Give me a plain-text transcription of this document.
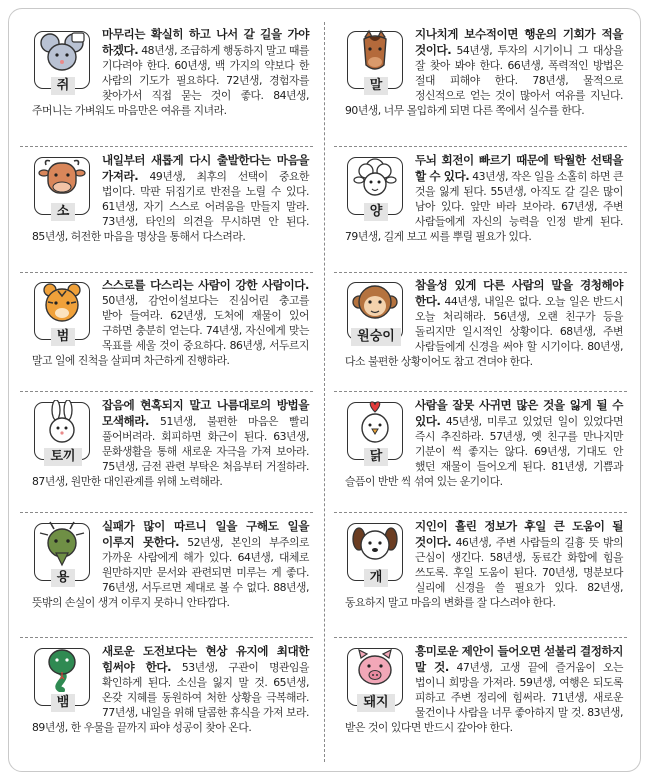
쥐
마무리는 확실히 하고 나서 갈 길을 가야 하겠다. 48년생, 조급하게 행동하지 말고 때를 기다려야 한다. 60년생, 백 가지의 약보다 한 사람의 기도가 필요하다. 72년생, 경험자를 찾아가서 직접 묻는 것이 좋다. 84년생, 주머니는 가벼워도 마음만은 여유를 지녀라.
말
지나치게 보수적이면 행운의 기회가 적을 것이다. 54년생, 투자의 시기이니 그 대상을 잘 찾아 봐야 한다. 66년생, 폭력적인 방법은 절대 피해야 한다. 78년생, 물적으로 정신적으로 얻는 것이 많아서 여유를 지닌다. 90년생, 너무 몰입하게 되면 다른 쪽에서 실수를 한다.
소
내일부터 새롭게 다시 출발한다는 마음을 가져라. 49년생, 최후의 선택이 중요한 법이다. 막판 뒤집기로 반전을 노릴 수 있다. 61년생, 자기 스스로 어려움을 만들지 말라. 73년생, 타인의 의견을 무시하면 안 된다. 85년생, 허전한 마음을 명상을 통해서 다스려라.
양
두뇌 회전이 빠르기 때문에 탁월한 선택을 할 수 있다. 43년생, 작은 일을 소홀히 하면 큰 것을 잃게 된다. 55년생, 아직도 갈 길은 많이 남아 있다. 앞만 바라 보아라. 67년생, 주변 사람들에게 자신의 능력을 인정 받게 된다. 79년생, 길게 보고 씨를 뿌릴 필요가 있다.
범
스스로를 다스리는 사람이 강한 사람이다. 50년생, 감언이설보다는 진심어린 충고를 받아 들여라. 62년생, 도처에 재물이 있어 구하면 충분히 얻는다. 74년생, 자신에게 맞는 목표를 세울 것이 중요하다. 86년생, 서두르지 말고 일에 진척을 살피며 차근하게 진행하라.
원숭이
참을성 있게 다른 사람의 말을 경청해야 한다. 44년생, 내일은 없다. 오늘 일은 반드시 오늘 처리해라. 56년생, 오랜 친구가 등을 돌리지만 일시적인 상황이다. 68년생, 주변 사람들에게 신경을 써야 할 시기이다. 80년생, 다소 불편한 상황이어도 참고 견뎌야 한다.
토끼
잡음에 현혹되지 말고 나름대로의 방법을 모색해라. 51년생, 불편한 마음은 빨리 풀어버려라. 회피하면 화근이 된다. 63년생, 문화생활을 통해 새로운 자극을 가져 보아라. 75년생, 금전 관련 부탁은 처음부터 거절하라. 87년생, 원만한 대인관계를 위해 노력해라.
닭
사람을 잘못 사귀면 많은 것을 잃게 될 수 있다. 45년생, 미루고 있었던 일이 있었다면 즉시 추진하라. 57년생, 옛 친구를 만나지만 기분이 썩 좋지는 않다. 69년생, 기대도 안 했던 재물이 들어오게 된다. 81년생, 기쁨과 슬픔이 반반 씩 섞여 있는 운기이다.
용
실패가 많이 따르니 일을 구해도 일을 이루지 못한다. 52년생, 본인의 부주의로 가까운 사람에게 해가 있다. 64년생, 대체로 원만하지만 문서와 관련되면 미루는 게 좋다. 76년생, 서두르면 제대로 볼 수 없다. 88년생, 뜻밖의 손실이 생겨 이루지 못하니 안타깝다.
개
지인이 흘린 정보가 후일 큰 도움이 될 것이다. 46년생, 주변 사람들의 길흉 뜻 밖의 근심이 생긴다. 58년생, 동료간 화합에 힘을 쓰도록. 후일 도움이 된다. 70년생, 명분보다 실리에 신경을 쓸 필요가 있다. 82년생, 동요하지 말고 마음의 변화를 잘 다스려야 한다.
뱀
새로운 도전보다는 현상 유지에 최대한 힘써야 한다. 53년생, 구관이 명관임을 확인하게 된다. 소신을 잃지 말 것. 65년생, 온갖 지혜를 동원하여 처한 상황을 극복해라. 77년생, 내일을 위해 달콤한 휴식을 가져 보라. 89년생, 한 우물을 끝까지 파야 성공이 찾아 온다.
돼지
흥미로운 제안이 들어오면 섣불리 결정하지 말 것. 47년생, 고생 끝에 즐거움이 오는 법이니 희망을 가져라. 59년생, 여행은 되도록 피하고 주변 정리에 힘써라. 71년생, 새로운 물건이나 사람을 너무 좋아하지 말 것. 83년생, 받은 것이 있다면 반드시 갚아야 한다.
